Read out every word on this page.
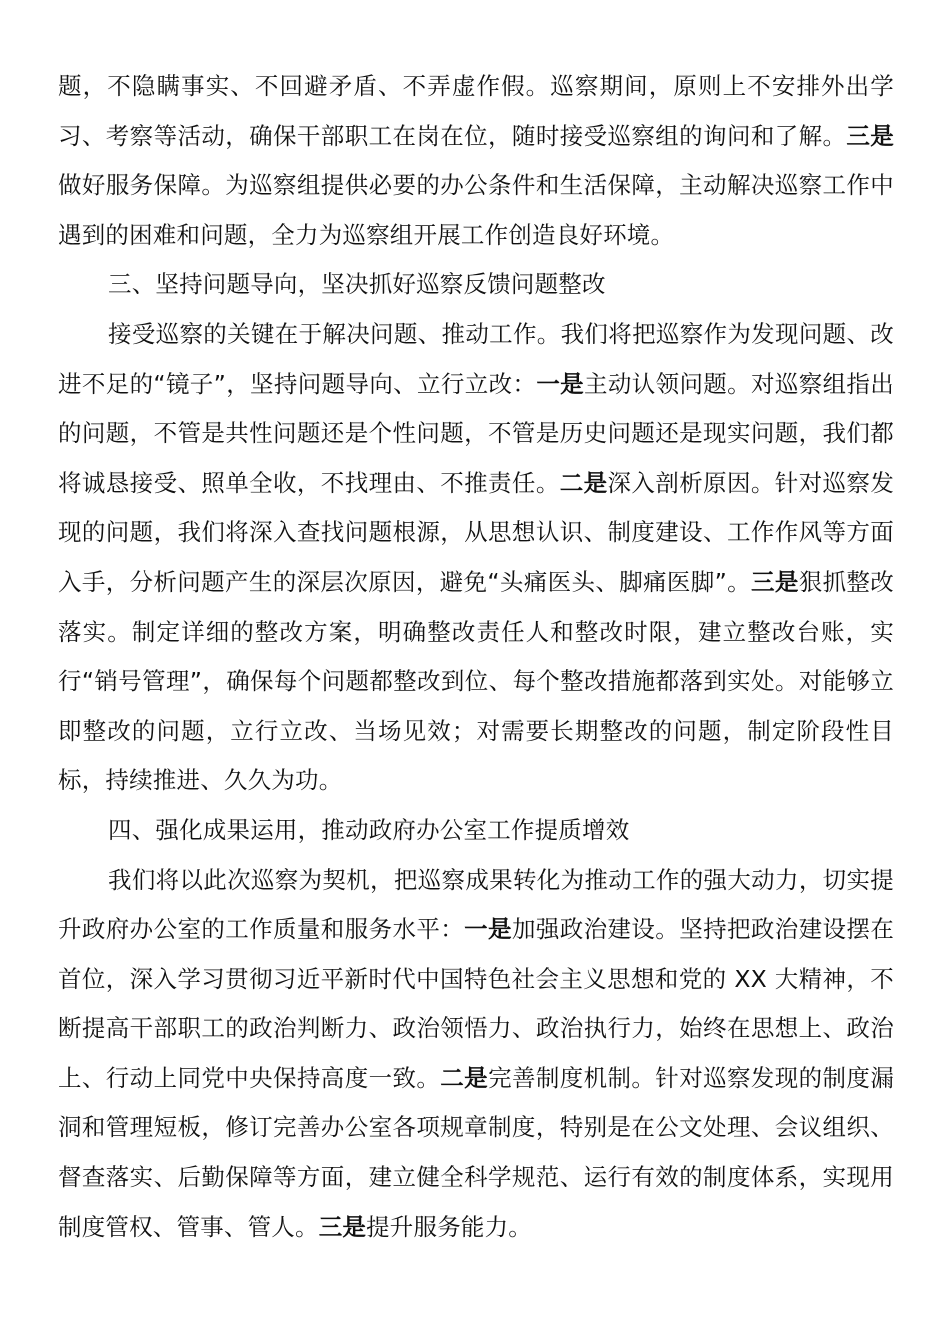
题，不隐瞒事实、不回避矛盾、不弄虚作假。巡察期间，原则上不安排外出学习、考察等活动，确保干部职工在岗在位，随时接受巡察组的询问和了解。三是做好服务保障。为巡察组提供必要的办公条件和生活保障，主动解决巡察工作中遇到的困难和问题，全力为巡察组开展工作创造良好环境。

三、坚持问题导向，坚决抓好巡察反馈问题整改

接受巡察的关键在于解决问题、推动工作。我们将把巡察作为发现问题、改进不足的“镜子”，坚持问题导向、立行立改：一是主动认领问题。对巡察组指出的问题，不管是共性问题还是个性问题，不管是历史问题还是现实问题，我们都将诚恳接受、照单全收，不找理由、不推责任。二是深入剖析原因。针对巡察发现的问题，我们将深入查找问题根源，从思想认识、制度建设、工作作风等方面入手，分析问题产生的深层次原因，避免“头痛医头、脚痛医脚”。三是狠抓整改落实。制定详细的整改方案，明确整改责任人和整改时限，建立整改台账，实行“销号管理”，确保每个问题都整改到位、每个整改措施都落到实处。对能够立即整改的问题，立行立改、当场见效；对需要长期整改的问题，制定阶段性目标，持续推进、久久为功。

四、强化成果运用，推动政府办公室工作提质增效

我们将以此次巡察为契机，把巡察成果转化为推动工作的强大动力，切实提升政府办公室的工作质量和服务水平：一是加强政治建设。坚持把政治建设摆在首位，深入学习贯彻习近平新时代中国特色社会主义思想和党的 XX 大精神，不断提高干部职工的政治判断力、政治领悟力、政治执行力，始终在思想上、政治上、行动上同党中央保持高度一致。二是完善制度机制。针对巡察发现的制度漏洞和管理短板，修订完善办公室各项规章制度，特别是在公文处理、会议组织、督查落实、后勤保障等方面，建立健全科学规范、运行有效的制度体系，实现用制度管权、管事、管人。三是提升服务能力。
